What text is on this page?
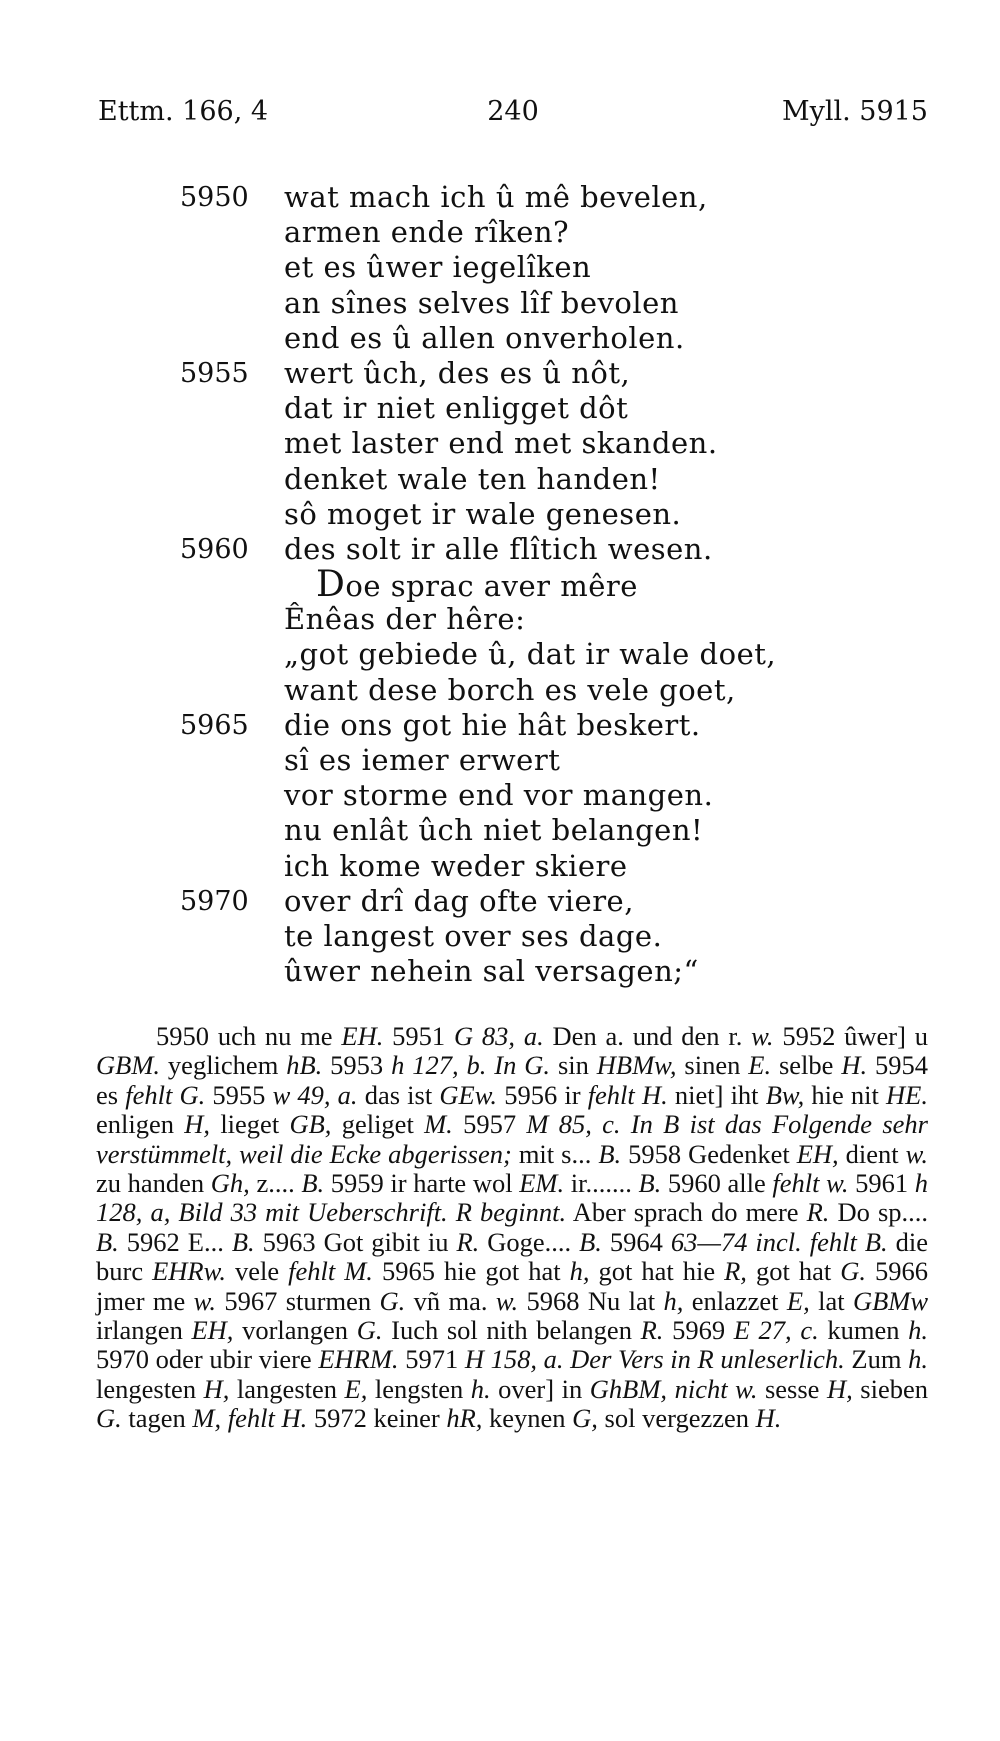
Ettm. 166, 4	240	Myll. 5915
5950	wat mach ich û mê bevelen,
armen ende rîken?
et es ûwer iegelîken
an sînes selves lîf bevolen
end es û allen onverholen.
5955	wert ûch, des es û nôt,
dat ir niet enligget dôt
met laster end met skanden.
denket wale ten handen!
sô moget ir wale genesen.
5960	des solt ir alle flîtich wesen.
Doe sprac aver mêre
Ênêas der hêre:
„got gebiede û, dat ir wale doet,
want dese borch es vele goet,
5965	die ons got hie hât beskert.
sî es iemer erwert
vor storme end vor mangen.
nu enlât ûch niet belangen!
ich kome weder skiere
5970	over drî dag ofte viere,
te langest over ses dage.
ûwer nehein sal versagen;“

5950 uch nu me EH. 5951 G 83, a. Den a. und den r. w. 5952 ûwer] u GBM. yeglichem hB. 5953 h 127, b. In G. sin HBMw, sinen E. selbe H. 5954 es fehlt G. 5955 w 49, a. das ist GEw. 5956 ir fehlt H. niet] iht Bw, hie nit HE. enligen H, lieget GB, geliget M. 5957 M 85, c. In B ist das Folgende sehr verstümmelt, weil die Ecke abgerissen; mit s... B. 5958 Gedenket EH, dient w. zu handen Gh, z.... B. 5959 ir harte wol EM. ir....... B. 5960 alle fehlt w. 5961 h 128, a, Bild 33 mit Ueberschrift. R beginnt. Aber sprach do mere R. Do sp.... B. 5962 E... B. 5963 Got gibit iu R. Goge.... B. 5964 63—74 incl. fehlt B. die burc EHRw. vele fehlt M. 5965 hie got hat h, got hat hie R, got hat G. 5966 jmer me w. 5967 sturmen G. vñ ma. w. 5968 Nu lat h, enlazzet E, lat GBMw irlangen EH, vorlangen G. Iuch sol nith belangen R. 5969 E 27, c. kumen h. 5970 oder ubir viere EHRM. 5971 H 158, a. Der Vers in R unleserlich. Zum h. lengesten H, langesten E, lengsten h. over] in GhBM, nicht w. sesse H, sieben G. tagen M, fehlt H. 5972 keiner hR, keynen G, sol vergezzen H.
